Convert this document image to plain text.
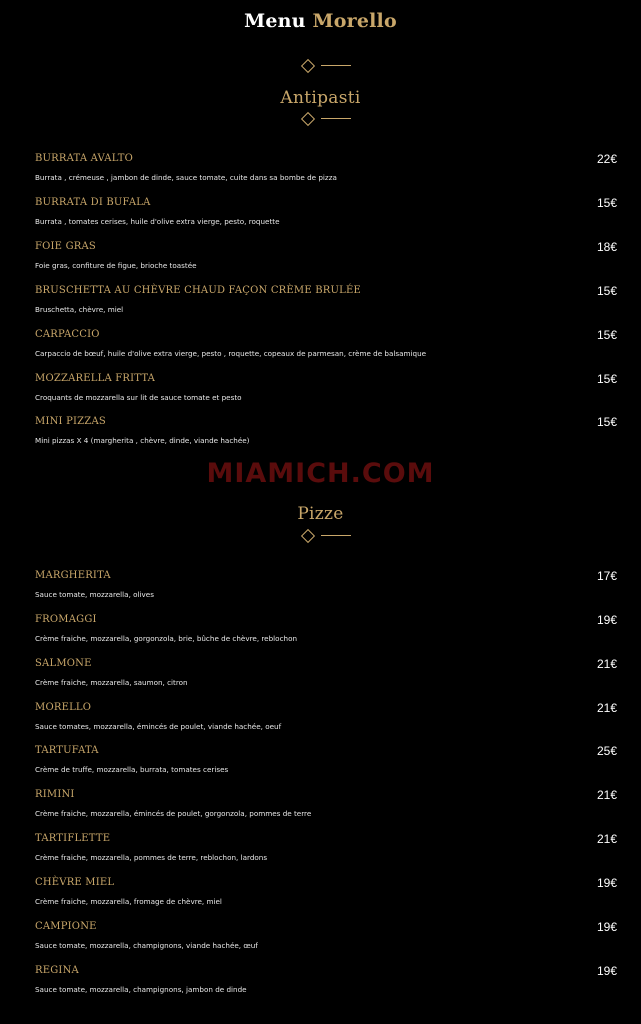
Menu Morello
Antipasti
BURRATA AVALTO	22€
Burrata , crémeuse , jambon de dinde, sauce tomate, cuite dans sa bombe de pizza
BURRATA DI BUFALA	15€
Burrata , tomates cerises, huile d'olive extra vierge, pesto, roquette
FOIE GRAS	18€
Foie gras, confiture de figue, brioche toastée
BRUSCHETTA AU CHÈVRE CHAUD FAÇON CRÈME BRULÉE	15€
Bruschetta, chèvre, miel
CARPACCIO	15€
Carpaccio de bœuf, huile d'olive extra vierge, pesto , roquette, copeaux de parmesan, crème de balsamique
MOZZARELLA FRITTA	15€
Croquants de mozzarella sur lit de sauce tomate et pesto
MINI PIZZAS	15€
Mini pizzas X 4 (margherita , chèvre, dinde, viande hachée)
MIAMICH.COM
Pizze
MARGHERITA	17€
Sauce tomate, mozzarella, olives
FROMAGGI	19€
Crème fraiche, mozzarella, gorgonzola, brie, bûche de chèvre, reblochon
SALMONE	21€
Crème fraiche, mozzarella, saumon, citron
MORELLO	21€
Sauce tomates, mozzarella, émincés de poulet, viande hachée, oeuf
TARTUFATA	25€
Crème de truffe, mozzarella, burrata, tomates cerises
RIMINI	21€
Crème fraiche, mozzarella, émincés de poulet, gorgonzola, pommes de terre
TARTIFLETTE	21€
Crème fraiche, mozzarella, pommes de terre, reblochon, lardons
CHÈVRE MIEL	19€
Crème fraiche, mozzarella, fromage de chèvre, miel
CAMPIONE	19€
Sauce tomate, mozzarella, champignons, viande hachée, œuf
REGINA	19€
Sauce tomate, mozzarella, champignons, jambon de dinde
